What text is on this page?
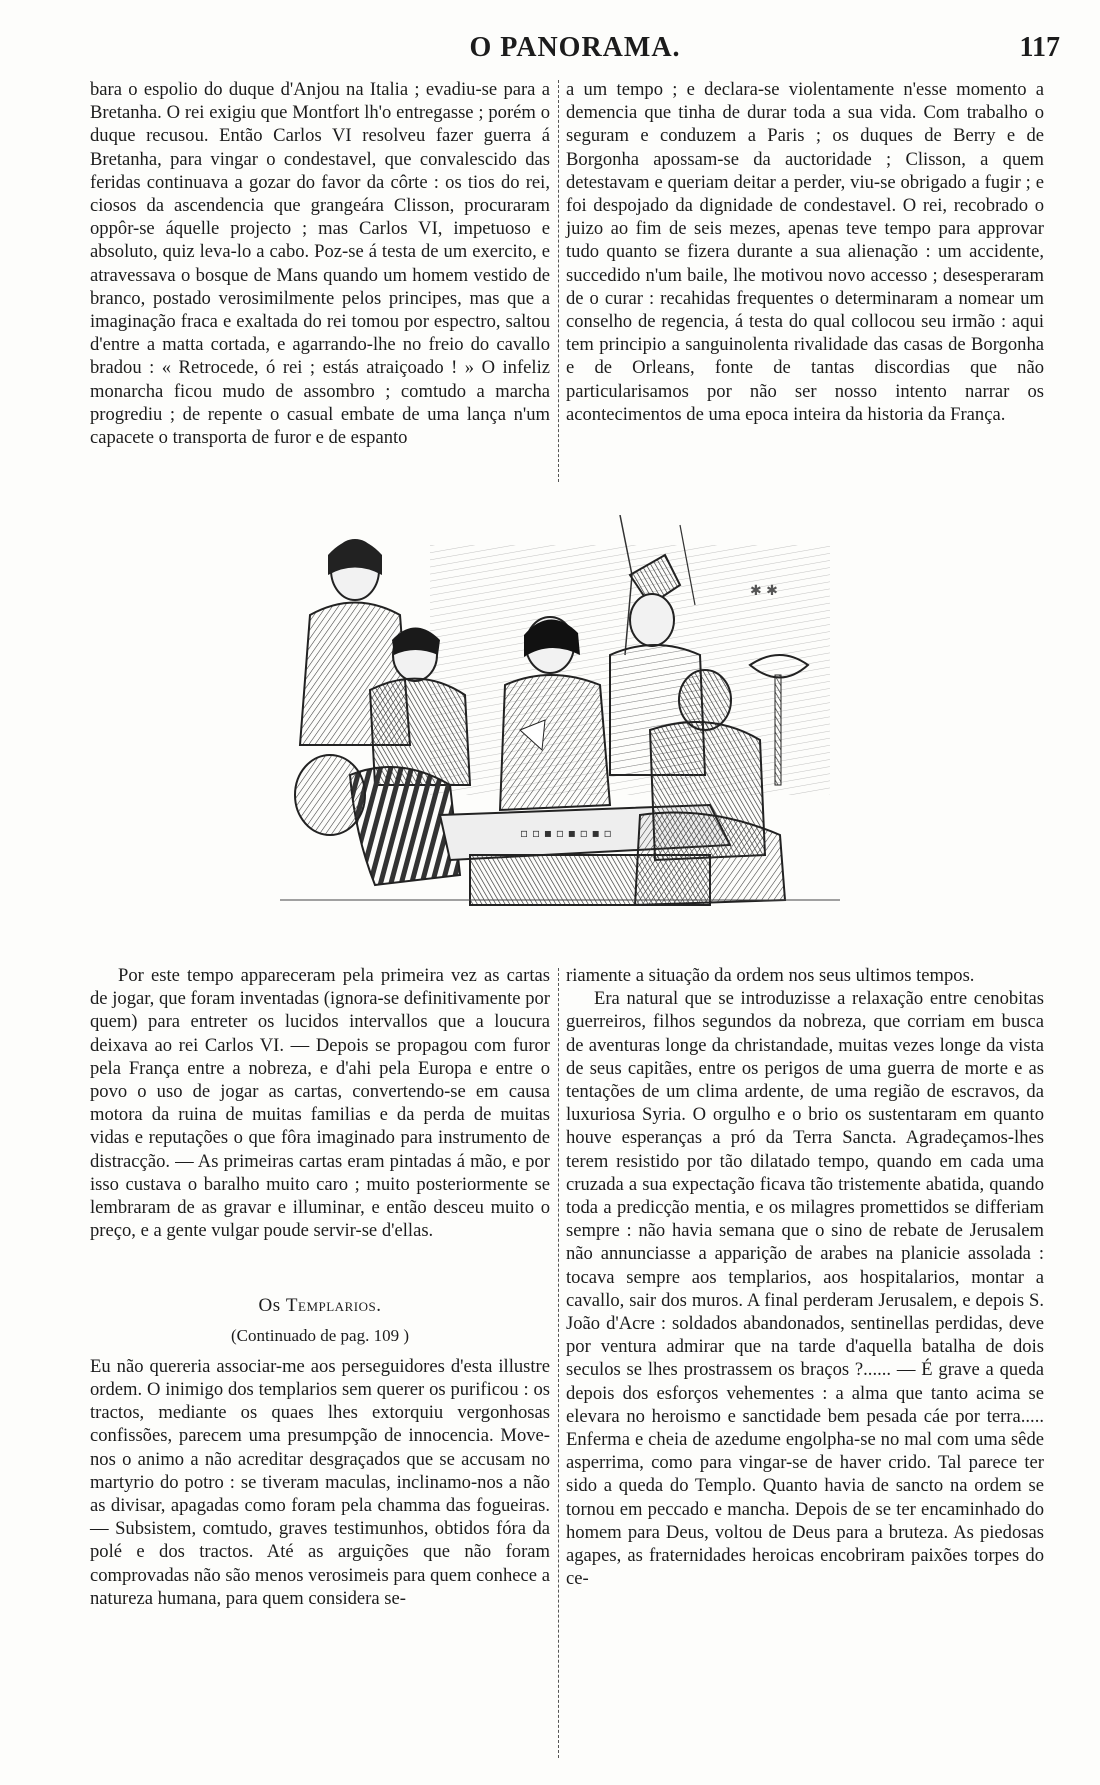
O PANORAMA.	117

bara o espolio do duque d'Anjou na Italia ; evadiu-se para a Bretanha. O rei exigiu que Montfort lh'o entregasse ; porém o duque recusou. Então Carlos VI resolveu fazer guerra á Bretanha, para vingar o condestavel, que convalescido das feridas continuava a gozar do favor da côrte : os tios do rei, ciosos da ascendencia que grangeára Clisson, procuraram oppôr-se áquelle projecto ; mas Carlos VI, impetuoso e absoluto, quiz leva-lo a cabo. Poz-se á testa de um exercito, e atravessava o bosque de Mans quando um homem vestido de branco, postado verosimilmente pelos principes, mas que a imaginação fraca e exaltada do rei tomou por espectro, saltou d'entre a matta cortada, e agarrando-lhe no freio do cavallo bradou : « Retrocede, ó rei ; estás atraiçoado ! » O infeliz monarcha ficou mudo de assombro ; comtudo a marcha progrediu ; de repente o casual embate de uma lança n'um capacete o transporta de furor e de espanto

a um tempo ; e declara-se violentamente n'esse momento a demencia que tinha de durar toda a sua vida. Com trabalho o seguram e conduzem a Paris ; os duques de Berry e de Borgonha apossam-se da auctoridade ; Clisson, a quem detestavam e queriam deitar a perder, viu-se obrigado a fugir ; e foi despojado da dignidade de condestavel. O rei, recobrado o juizo ao fim de seis mezes, apenas teve tempo para approvar tudo quanto se fizera durante a sua alienação : um accidente, succedido n'um baile, lhe motivou novo accesso ; desesperaram de o curar : recahidas frequentes o determinaram a nomear um conselho de regencia, á testa do qual collocou seu irmão : aqui tem principio a sanguinolenta rivalidade das casas de Borgonha e de Orleans, fonte de tantas discordias que não particularisamos por não ser nosso intento narrar os acontecimentos de uma epoca inteira da historia da França.

✱ ✱
▫ ▫ ▪ ▫ ▪ ▫ ▪ ▫

Por este tempo appareceram pela primeira vez as cartas de jogar, que foram inventadas (ignora-se definitivamente por quem) para entreter os lucidos intervallos que a loucura deixava ao rei Carlos VI. — Depois se propagou com furor pela França entre a nobreza, e d'ahi pela Europa e entre o povo o uso de jogar as cartas, convertendo-se em causa motora da ruina de muitas familias e da perda de muitas vidas e reputações o que fôra imaginado para instrumento de distracção. — As primeiras cartas eram pintadas á mão, e por isso custava o baralho muito caro ; muito posteriormente se lembraram de as gravar e illuminar, e então desceu muito o preço, e a gente vulgar poude servir-se d'ellas.

Os Templarios.

(Continuado de pag. 109 )

Eu não quereria associar-me aos perseguidores d'esta illustre ordem. O inimigo dos templarios sem querer os purificou : os tractos, mediante os quaes lhes extorquiu vergonhosas confissões, parecem uma presumpção de innocencia. Move-nos o animo a não acreditar desgraçados que se accusam no martyrio do potro : se tiveram maculas, inclinamo-nos a não as divisar, apagadas como foram pela chamma das fogueiras.— Subsistem, comtudo, graves testimunhos, obtidos fóra da polé e dos tractos. Até as arguições que não foram comprovadas não são menos verosimeis para quem conhece a natureza humana, para quem considera se-

riamente a situação da ordem nos seus ultimos tempos.

Era natural que se introduzisse a relaxação entre cenobitas guerreiros, filhos segundos da nobreza, que corriam em busca de aventuras longe da christandade, muitas vezes longe da vista de seus capitães, entre os perigos de uma guerra de morte e as tentações de um clima ardente, de uma região de escravos, da luxuriosa Syria. O orgulho e o brio os sustentaram em quanto houve esperanças a pró da Terra Sancta. Agradeçamos-lhes terem resistido por tão dilatado tempo, quando em cada uma cruzada a sua expectação ficava tão tristemente abatida, quando toda a predicção mentia, e os milagres promettidos se differiam sempre : não havia semana que o sino de rebate de Jerusalem não annunciasse a apparição de arabes na planicie assolada : tocava sempre aos templarios, aos hospitalarios, montar a cavallo, sair dos muros. A final perderam Jerusalem, e depois S. João d'Acre : soldados abandonados, sentinellas perdidas, deve por ventura admirar que na tarde d'aquella batalha de dois seculos se lhes prostrassem os braços ?...... — É grave a queda depois dos esforços vehementes : a alma que tanto acima se elevara no heroismo e sanctidade bem pesada cáe por terra..... Enferma e cheia de azedume engolpha-se no mal com uma sêde asperrima, como para vingar-se de haver crido. Tal parece ter sido a queda do Templo. Quanto havia de sancto na ordem se tornou em peccado e mancha. Depois de se ter encaminhado do homem para Deus, voltou de Deus para a bruteza. As piedosas agapes, as fraternidades heroicas encobriram paixões torpes do ce-
